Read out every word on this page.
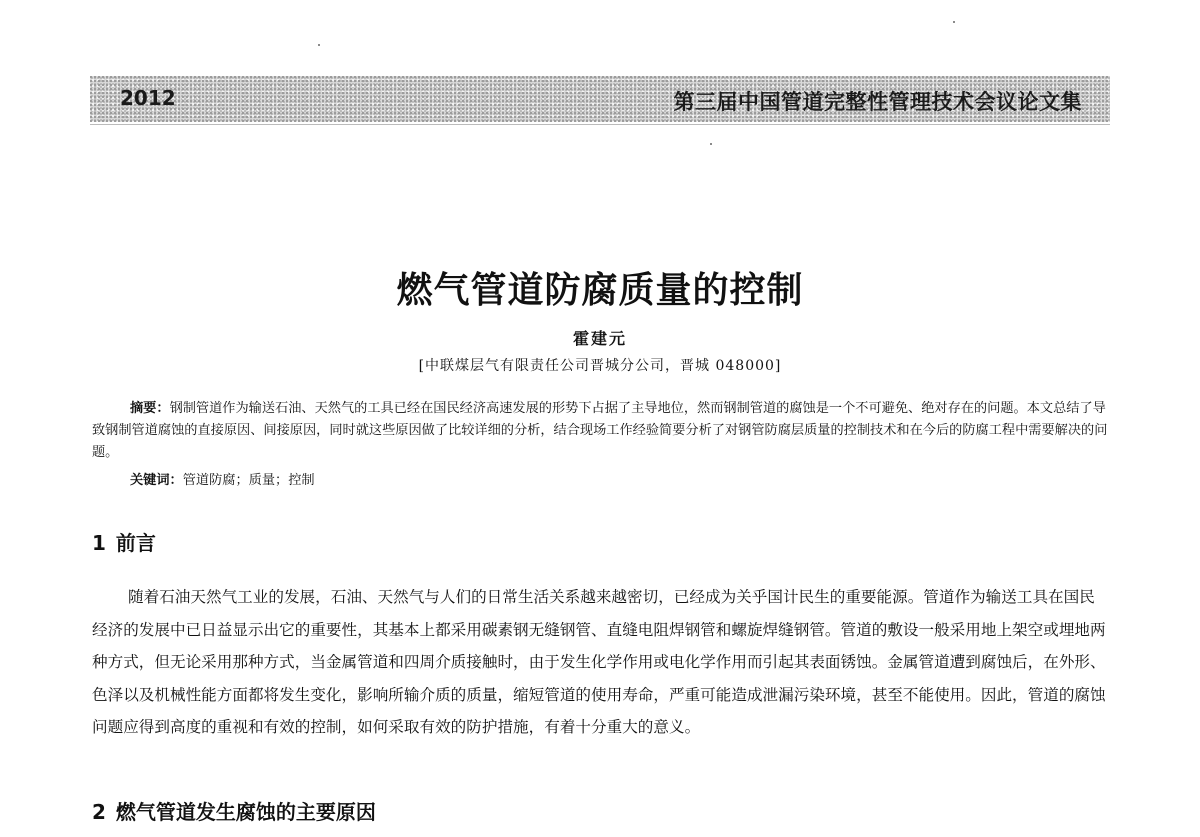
2012	第三届中国管道完整性管理技术会议论文集
燃气管道防腐质量的控制
霍建元
[中联煤层气有限责任公司晋城分公司，晋城 048000]
摘要：钢制管道作为输送石油、天然气的工具已经在国民经济高速发展的形势下占据了主导地位，然而钢制管道的腐蚀是一个不可避免、绝对存在的问题。本文总结了导致钢制管道腐蚀的直接原因、间接原因，同时就这些原因做了比较详细的分析，结合现场工作经验简要分析了对钢管防腐层质量的控制技术和在今后的防腐工程中需要解决的问题。
关键词：管道防腐；质量；控制
1 前言
随着石油天然气工业的发展，石油、天然气与人们的日常生活关系越来越密切，已经成为关乎国计民生的重要能源。管道作为输送工具在国民经济的发展中已日益显示出它的重要性，其基本上都采用碳素钢无缝钢管、直缝电阻焊钢管和螺旋焊缝钢管。管道的敷设一般采用地上架空或埋地两种方式，但无论采用那种方式，当金属管道和四周介质接触时，由于发生化学作用或电化学作用而引起其表面锈蚀。金属管道遭到腐蚀后，在外形、色泽以及机械性能方面都将发生变化，影响所输介质的质量，缩短管道的使用寿命，严重可能造成泄漏污染环境，甚至不能使用。因此，管道的腐蚀问题应得到高度的重视和有效的控制，如何采取有效的防护措施，有着十分重大的意义。
2 燃气管道发生腐蚀的主要原因
